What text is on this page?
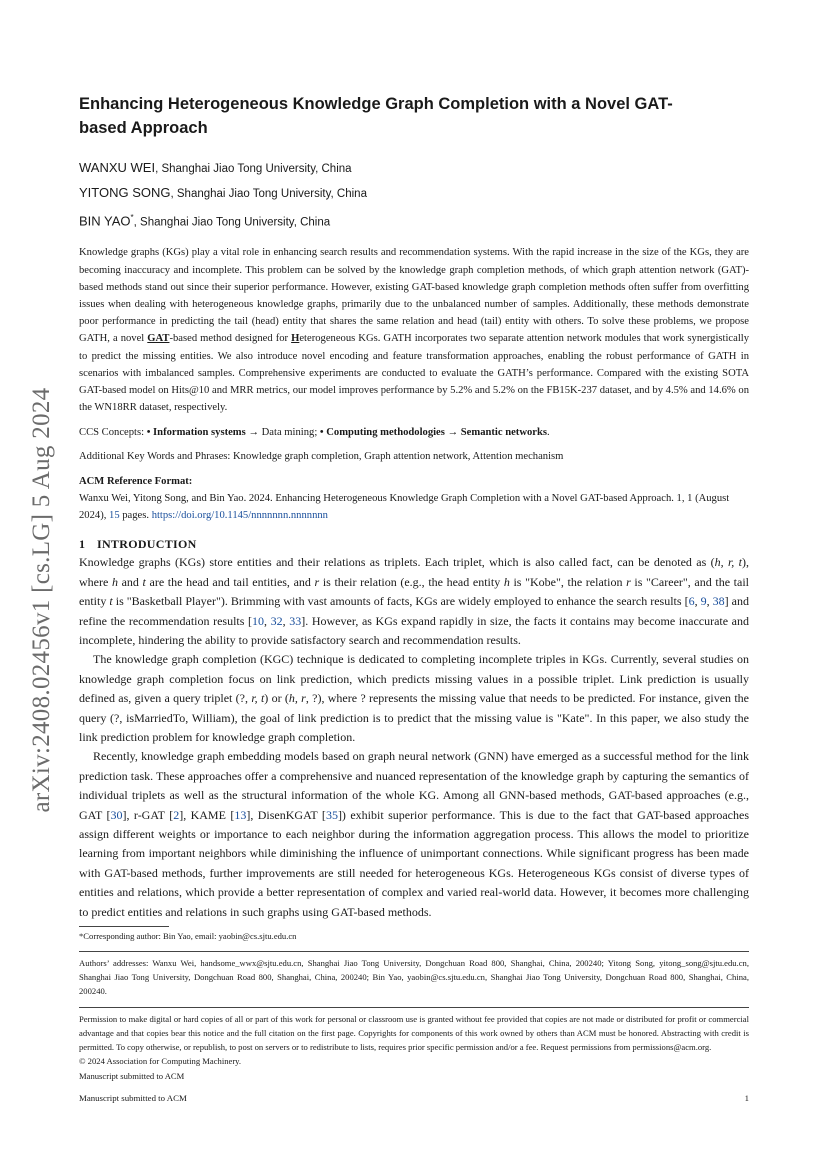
arXiv:2408.02456v1 [cs.LG] 5 Aug 2024
Enhancing Heterogeneous Knowledge Graph Completion with a Novel GAT-based Approach
WANXU WEI, Shanghai Jiao Tong University, China
YITONG SONG, Shanghai Jiao Tong University, China
BIN YAO*, Shanghai Jiao Tong University, China
Knowledge graphs (KGs) play a vital role in enhancing search results and recommendation systems. With the rapid increase in the size of the KGs, they are becoming inaccuracy and incomplete. This problem can be solved by the knowledge graph completion methods, of which graph attention network (GAT)-based methods stand out since their superior performance. However, existing GAT-based knowledge graph completion methods often suffer from overfitting issues when dealing with heterogeneous knowledge graphs, primarily due to the unbalanced number of samples. Additionally, these methods demonstrate poor performance in predicting the tail (head) entity that shares the same relation and head (tail) entity with others. To solve these problems, we propose GATH, a novel GAT-based method designed for Heterogeneous KGs. GATH incorporates two separate attention network modules that work synergistically to predict the missing entities. We also introduce novel encoding and feature transformation approaches, enabling the robust performance of GATH in scenarios with imbalanced samples. Comprehensive experiments are conducted to evaluate the GATH’s performance. Compared with the existing SOTA GAT-based model on Hits@10 and MRR metrics, our model improves performance by 5.2% and 5.2% on the FB15K-237 dataset, and by 4.5% and 14.6% on the WN18RR dataset, respectively.
CCS Concepts: • Information systems → Data mining; • Computing methodologies → Semantic networks.
Additional Key Words and Phrases: Knowledge graph completion, Graph attention network, Attention mechanism
ACM Reference Format:
Wanxu Wei, Yitong Song, and Bin Yao. 2024. Enhancing Heterogeneous Knowledge Graph Completion with a Novel GAT-based Approach. 1, 1 (August 2024), 15 pages. https://doi.org/10.1145/nnnnnnn.nnnnnnn
1 INTRODUCTION

Knowledge graphs (KGs) store entities and their relations as triplets. Each triplet, which is also called fact, can be denoted as (h, r, t), where h and t are the head and tail entities, and r is their relation (e.g., the head entity h is "Kobe", the relation r is "Career", and the tail entity t is "Basketball Player"). Brimming with vast amounts of facts, KGs are widely employed to enhance the search results [6, 9, 38] and refine the recommendation results [10, 32, 33]. However, as KGs expand rapidly in size, the facts it contains may become inaccurate and incomplete, hindering the ability to provide satisfactory search and recommendation results.

The knowledge graph completion (KGC) technique is dedicated to completing incomplete triples in KGs. Currently, several studies on knowledge graph completion focus on link prediction, which predicts missing values in a possible triplet. Link prediction is usually defined as, given a query triplet (?, r, t) or (h, r, ?), where ? represents the missing value that needs to be predicted. For instance, given the query (?, isMarriedTo, William), the goal of link prediction is to predict that the missing value is "Kate". In this paper, we also study the link prediction problem for knowledge graph completion.

Recently, knowledge graph embedding models based on graph neural network (GNN) have emerged as a successful method for the link prediction task. These approaches offer a comprehensive and nuanced representation of the knowledge graph by capturing the semantics of individual triplets as well as the structural information of the whole KG. Among all GNN-based methods, GAT-based approaches (e.g., GAT [30], r-GAT [2], KAME [13], DisenKGAT [35]) exhibit superior performance. This is due to the fact that GAT-based approaches assign different weights or importance to each neighbor during the information aggregation process. This allows the model to prioritize learning from important neighbors while diminishing the influence of unimportant connections. While significant progress has been made with GAT-based methods, further improvements are still needed for heterogeneous KGs. Heterogeneous KGs consist of diverse types of entities and relations, which provide a better representation of complex and varied real-world data. However, it becomes more challenging to predict entities and relations in such graphs using GAT-based methods.

*Corresponding author: Bin Yao, email: yaobin@cs.sjtu.edu.cn
Authors’ addresses: Wanxu Wei, handsome_wwx@sjtu.edu.cn, Shanghai Jiao Tong University, Dongchuan Road 800, Shanghai, China, 200240; Yitong Song, yitong_song@sjtu.edu.cn, Shanghai Jiao Tong University, Dongchuan Road 800, Shanghai, China, 200240; Bin Yao, yaobin@cs.sjtu.edu.cn, Shanghai Jiao Tong University, Dongchuan Road 800, Shanghai, China, 200240.
Permission to make digital or hard copies of all or part of this work for personal or classroom use is granted without fee provided that copies are not made or distributed for profit or commercial advantage and that copies bear this notice and the full citation on the first page. Copyrights for components of this work owned by others than ACM must be honored. Abstracting with credit is permitted. To copy otherwise, or republish, to post on servers or to redistribute to lists, requires prior specific permission and/or a fee. Request permissions from permissions@acm.org.
© 2024 Association for Computing Machinery.
Manuscript submitted to ACM
Manuscript submitted to ACM	1
